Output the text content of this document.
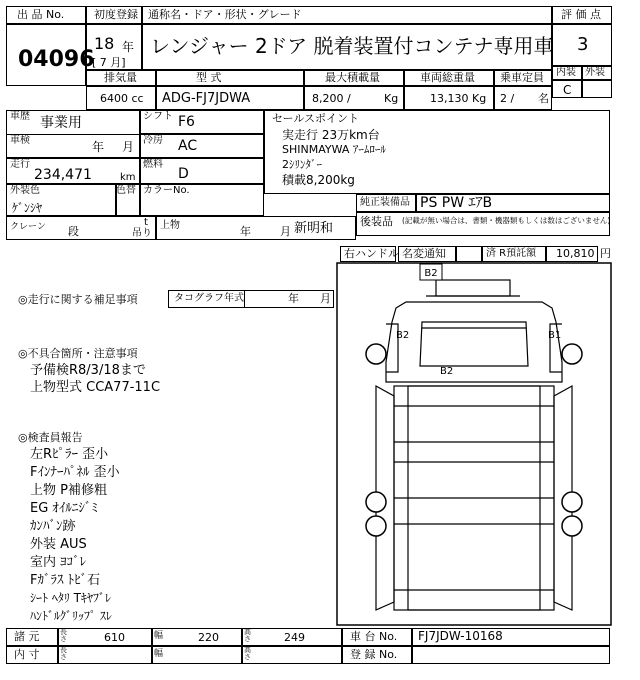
出 品 No.
04096
初度登録 通称名・ドア・形状・グレード
18 年
[ 7 月]
レンジャー 2ドア 脱着装置付コンテナ専用車
評 価 点
3
内装 外装
C
排気量	型 式	最大積載量	車両総重量 乗車定員
6400 cc ADG-FJ7JDWA	8,200 /	Kg	13,130 Kg 2 / 名
車歴 事業用	シフト F6
車検	年 月 冷房 AC
走行
234,471	km
燃料
D
セールスポイント
実走行 23万km台
SHINMAYWA ｱｰﾑﾛｰﾙ
2ｼﾘﾝﾀﾞｰ
積載8,200kg
外装色
ｹﾞﾝｼﾔ
色替 カラーNo.
純正装備品 PS PW ｴｱB
後装品 (記載が無い場合は、書類・機器類もしくは数はございません)
クレーン 段
t
吊り
上物	年	月 新明和
右ハンドル 名変通知	済 R預託額 10,810 円
◎走行に関する補足事項	タコグラフ年式	年 月
◎不具合箇所・注意事項
予備検R8/3/18まで
上物型式 CCA77-11C
◎検査員報告
左Rﾋﾟﾗｰ 歪小
Fｲﾝﾅｰﾊﾟﾈﾙ 歪小
上物 P補修粗
EG ｵｲﾙﾆｼﾞﾐ
ｶﾝﾊﾞﾝ跡
外装 AUS
室内 ﾖｺﾞﾚ
Fｶﾞﾗｽ ﾄﾋﾞ石
ｼｰﾄ ﾍﾀﾘ Tｷﾔﾌﾞﾚ
ﾊﾝﾄﾞﾙｸﾞﾘｯﾌﾟ ｽﾚ
B2
B2	B1
B2
諸 元	長さ	610	幅	220	高さ	249	車 台 No. FJ7JDW-10168
内 寸	長さ	幅	高さ	登 録 No.
